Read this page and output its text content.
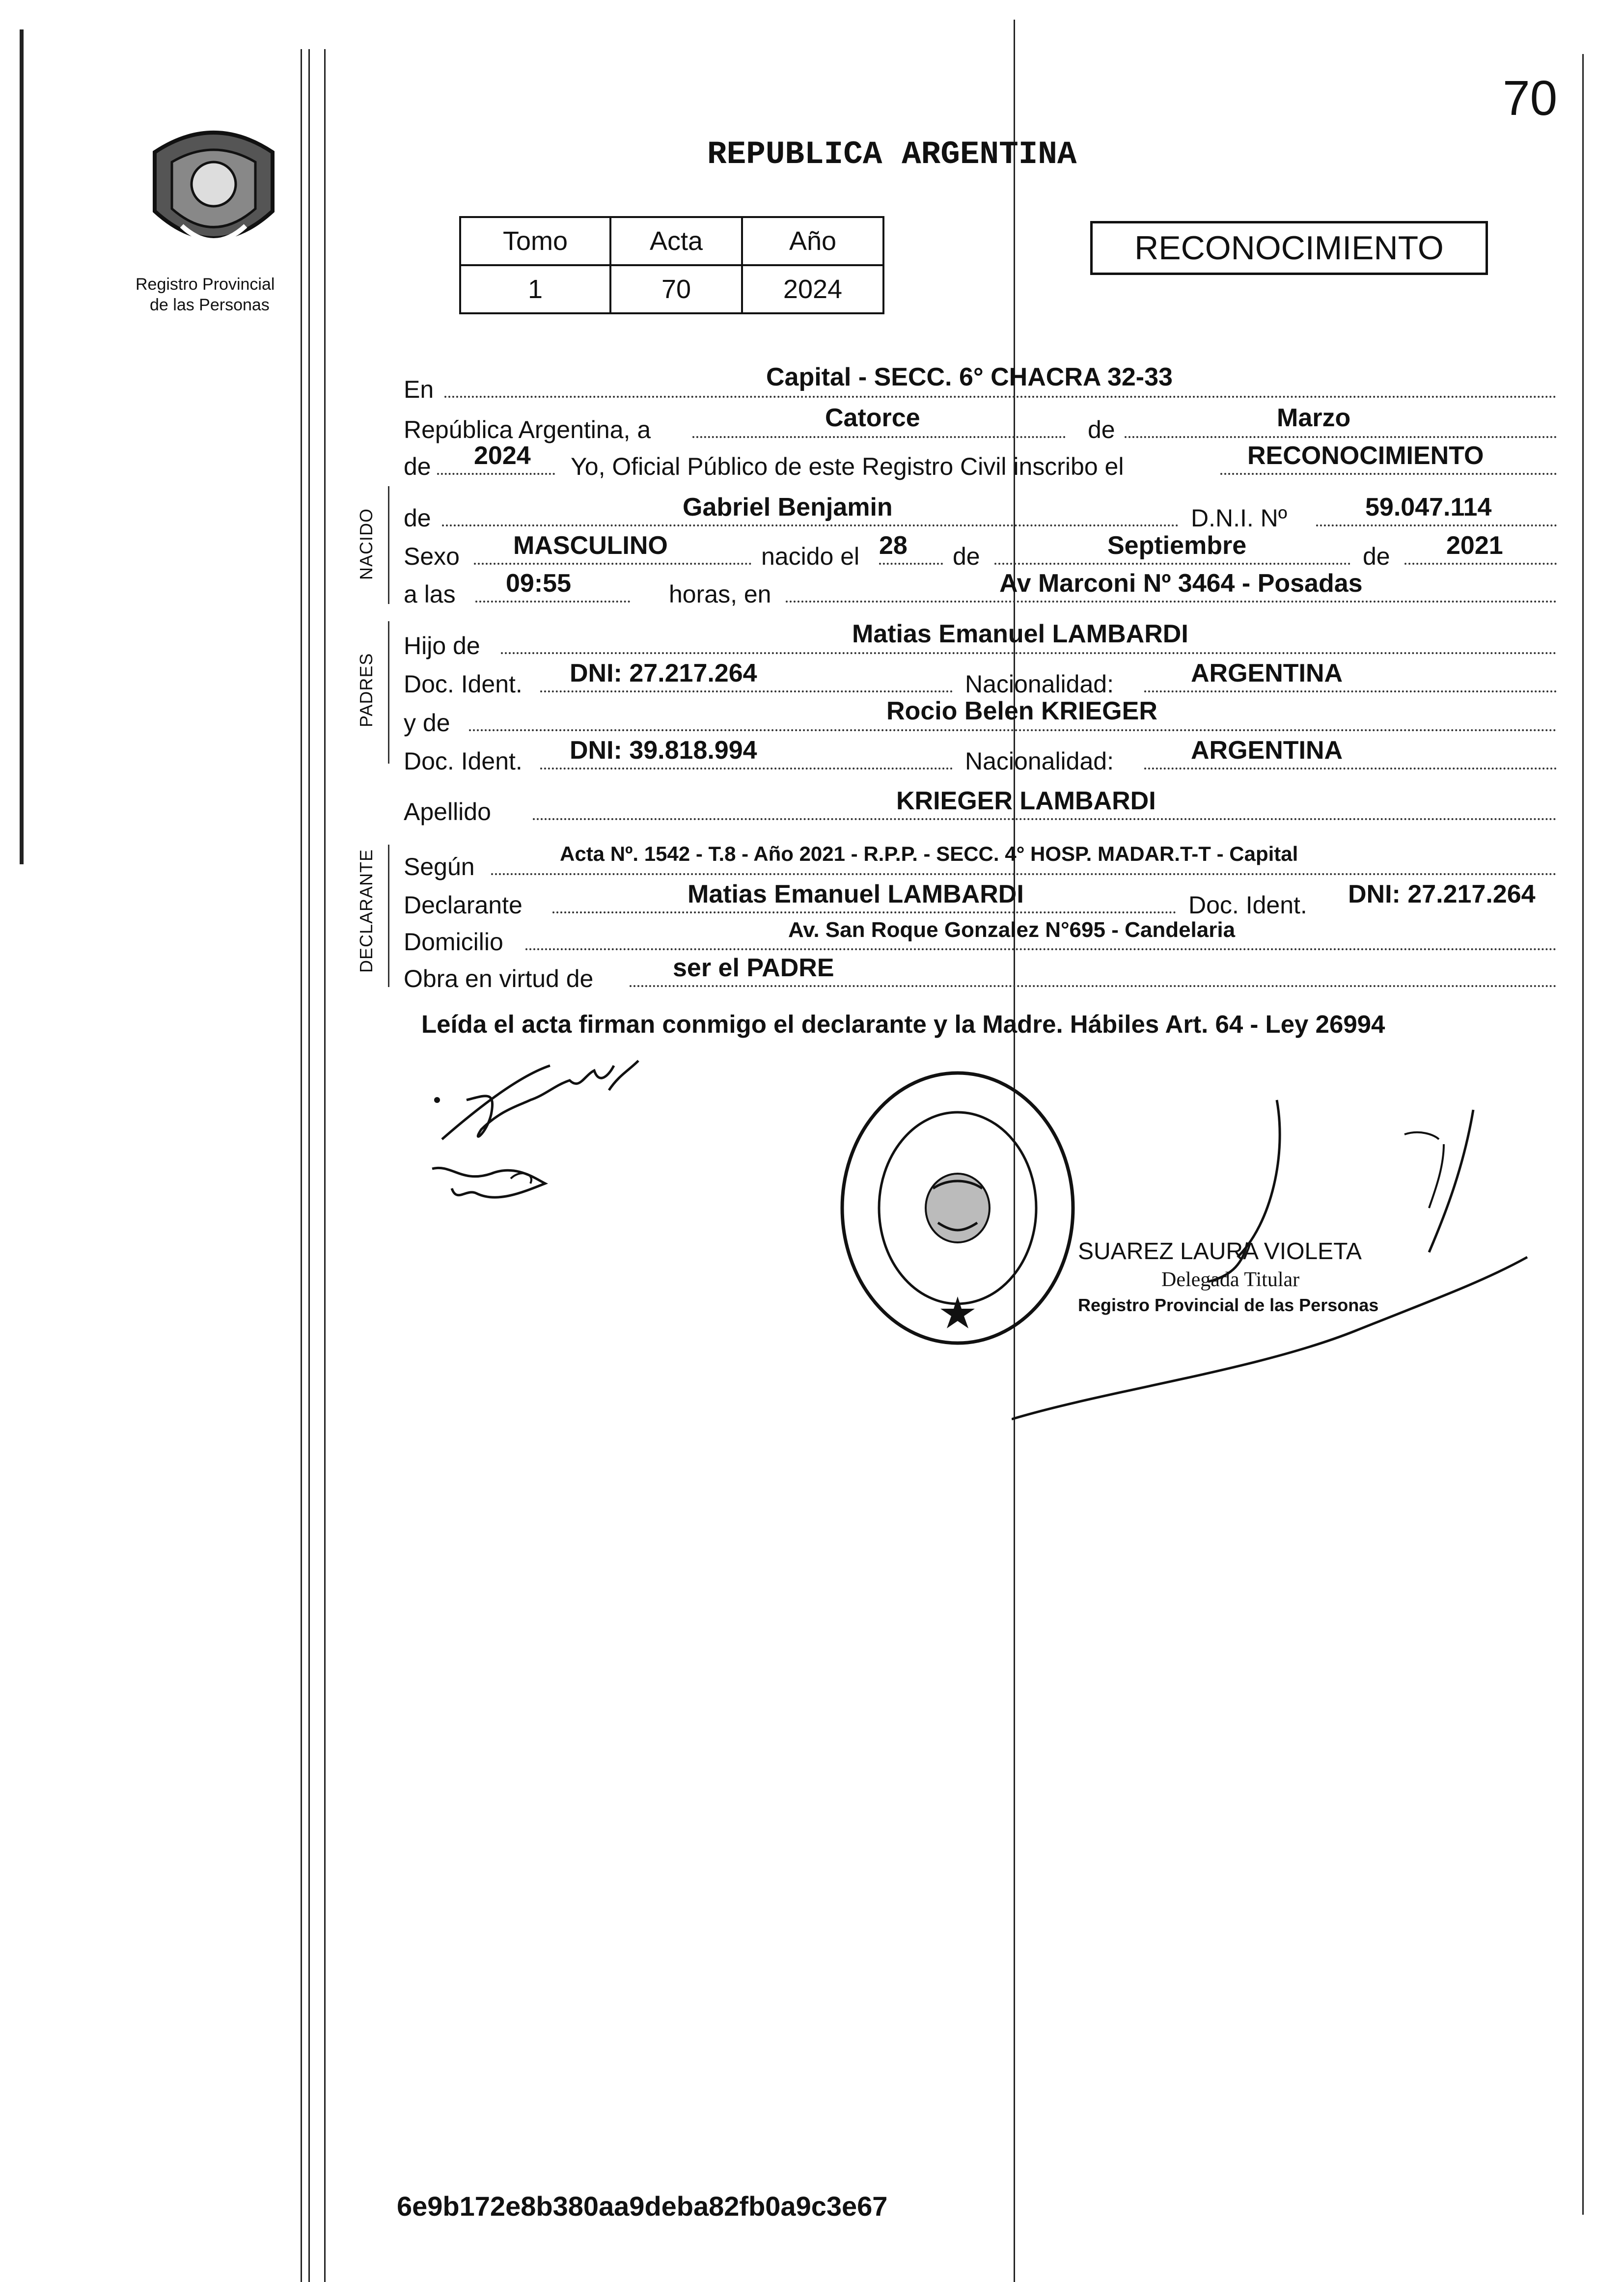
70
Registro Provincial
de las Personas
REPUBLICA ARGENTINA
Tomo	Acta	Año
1	70	2024
RECONOCIMIENTO
En	Capital - SECC. 6° CHACRA 32-33
República Argentina, a	Catorce	de	Marzo
de 2024 Yo, Oficial Público de este Registro Civil inscribo el	RECONOCIMIENTO
NACIDO de	Gabriel Benjamin	D.N.I. Nº	59.047.114
Sexo MASCULINO	nacido el 28 de	Septiembre	de 2021
a las 09:55	horas, en	Av Marconi Nº 3464 - Posadas
PADRES
Hijo de	Matias Emanuel LAMBARDI
Doc. Ident. DNI: 27.217.264	Nacionalidad:	ARGENTINA
y de	Rocio Belen KRIEGER
Doc. Ident. DNI: 39.818.994	Nacionalidad:	ARGENTINA
Apellido	KRIEGER LAMBARDI
DECLARANTE Según	Acta Nº. 1542 - T.8 - Año 2021 - R.P.P. - SECC. 4° HOSP. MADAR.T-T - Capital
Declarante	Matias Emanuel LAMBARDI	Doc. Ident. DNI: 27.217.264
Domicilio	Av. San Roque Gonzalez N°695 - Candelaria
Obra en virtud de	ser el PADRE
Leída el acta firman conmigo el declarante y la Madre. Hábiles Art. 64 - Ley 26994
SUAREZ LAURA VIOLETA
Delegada Titular
Registro Provincial de las Personas
6e9b172e8b380aa9deba82fb0a9c3e67
